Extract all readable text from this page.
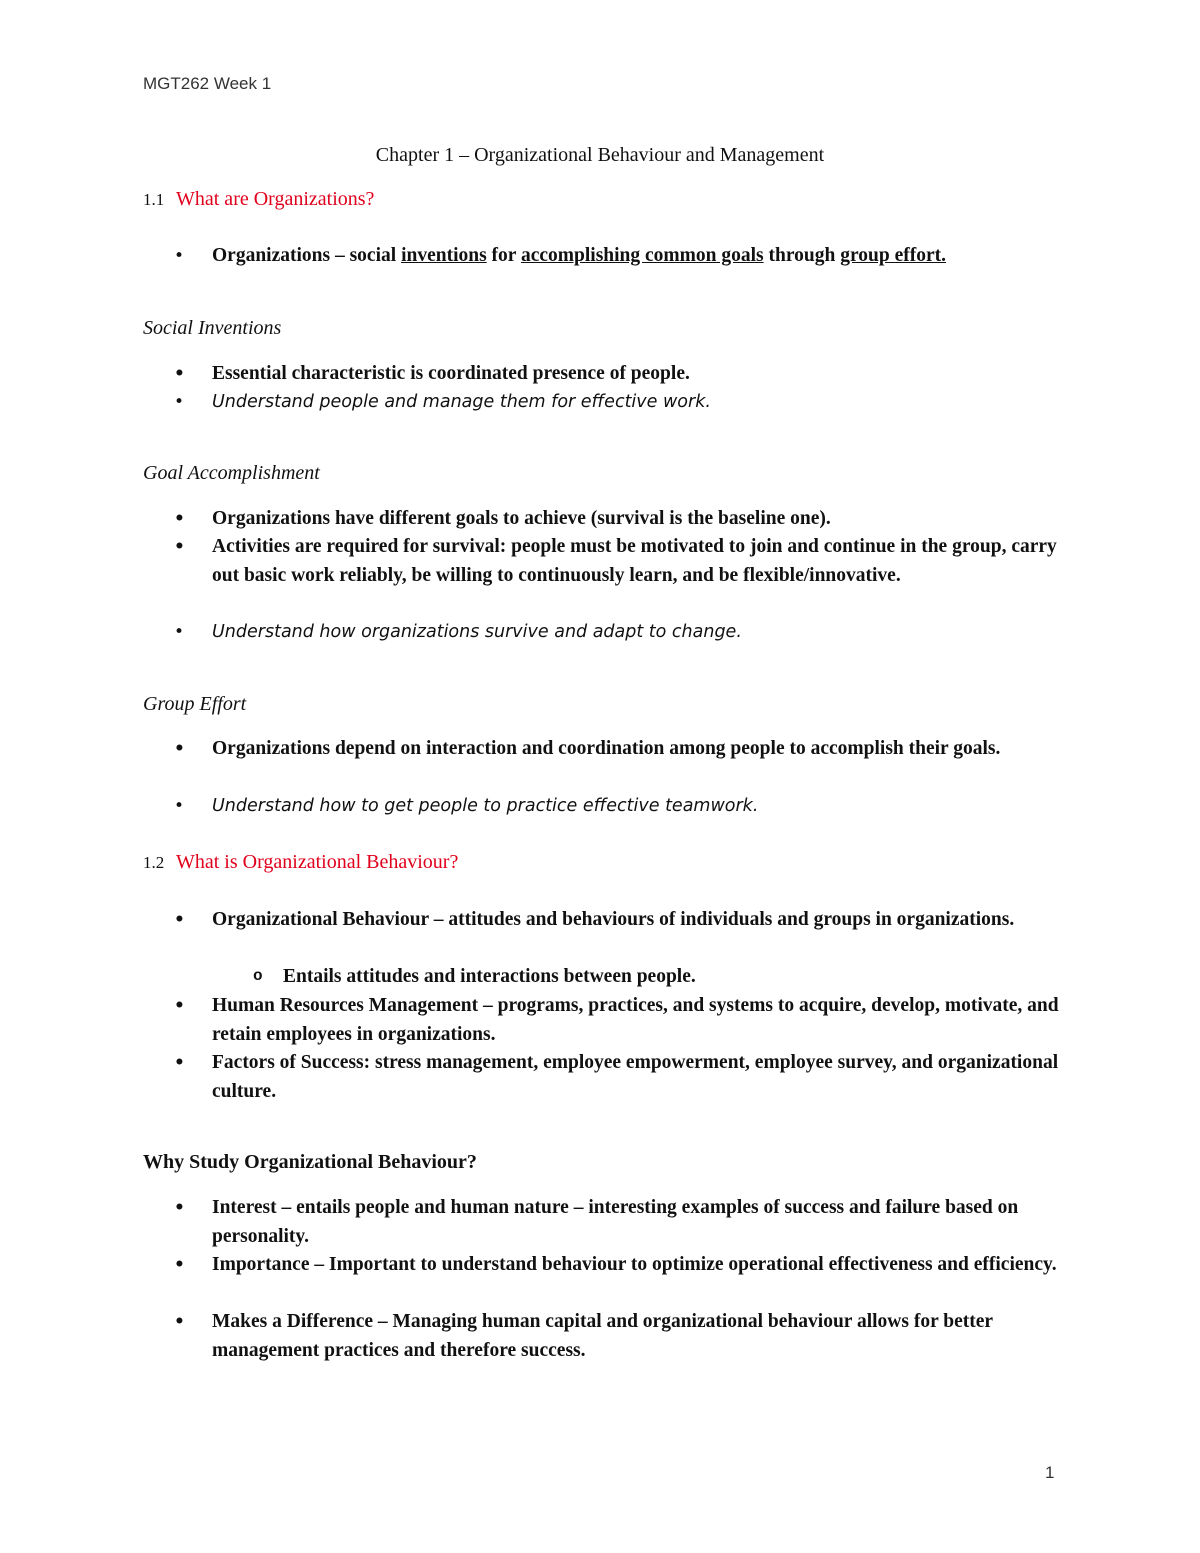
MGT262 Week 1
Chapter 1 – Organizational Behaviour and Management
1.1 What are Organizations?
• Organizations – social inventions for accomplishing common goals through group effort.
Social Inventions
• Essential characteristic is coordinated presence of people.
• Understand people and manage them for effective work.
Goal Accomplishment
• Organizations have different goals to achieve (survival is the baseline one).
• Activities are required for survival: people must be motivated to join and continue in the group, carry out basic work reliably, be willing to continuously learn, and be flexible/innovative.
• Understand how organizations survive and adapt to change.
Group Effort
• Organizations depend on interaction and coordination among people to accomplish their goals.
• Understand how to get people to practice effective teamwork.
1.2 What is Organizational Behaviour?
• Organizational Behaviour – attitudes and behaviours of individuals and groups in organizations.
o Entails attitudes and interactions between people.
• Human Resources Management – programs, practices, and systems to acquire, develop, motivate, and retain employees in organizations.
• Factors of Success: stress management, employee empowerment, employee survey, and organizational culture.
Why Study Organizational Behaviour?
• Interest – entails people and human nature – interesting examples of success and failure based on personality.
• Importance – Important to understand behaviour to optimize operational effectiveness and efficiency.
• Makes a Difference – Managing human capital and organizational behaviour allows for better management practices and therefore success.
1
